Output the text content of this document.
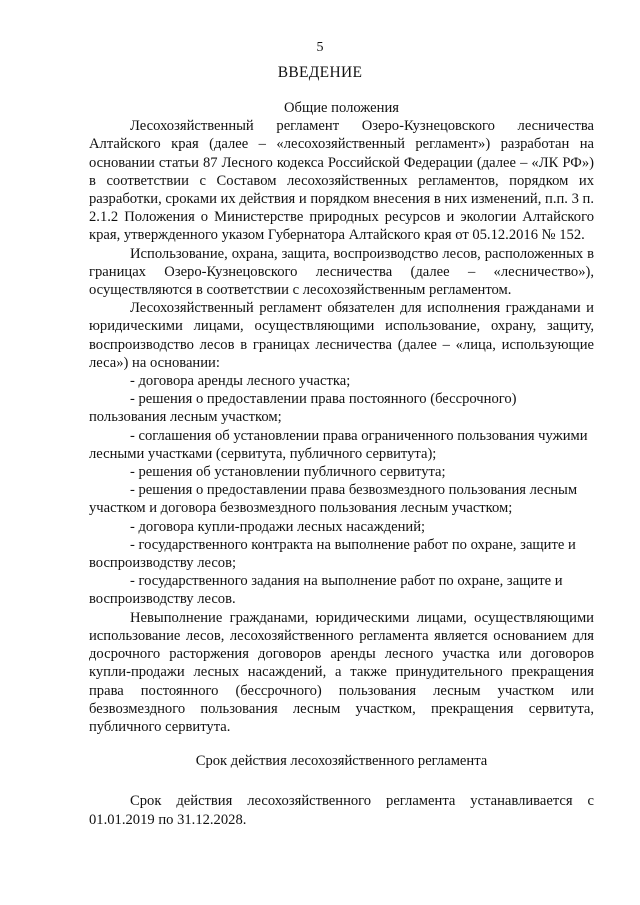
5
ВВЕДЕНИЕ
Общие положения

Лесохозяйственный регламент Озеро-Кузнецовского лесничества Алтайского края (далее – «лесохозяйственный регламент») разработан на основании статьи 87 Лесного кодекса Российской Федерации (далее – «ЛК РФ») в соответствии с Составом лесохозяйственных регламентов, порядком их разработки, сроками их действия и порядком внесения в них изменений, п.п. 3 п. 2.1.2 Положения о Министерстве природных ресурсов и экологии Алтайского края, утвержденного указом Губернатора Алтайского края от 05.12.2016 № 152.

Использование, охрана, защита, воспроизводство лесов, расположенных в границах Озеро-Кузнецовского лесничества (далее – «лесничество»), осуществляются в соответствии с лесохозяйственным регламентом.

Лесохозяйственный регламент обязателен для исполнения гражданами и юридическими лицами, осуществляющими использование, охрану, защиту, воспроизводство лесов в границах лесничества (далее – «лица, использующие леса») на основании:

- договора аренды лесного участка;

- решения о предоставлении права постоянного (бессрочного) пользования лесным участком;

- соглашения об установлении права ограниченного пользования чужими лесными участками (сервитута, публичного сервитута);

- решения об установлении публичного сервитута;

- решения о предоставлении права безвозмездного пользования лесным участком и договора безвозмездного пользования лесным участком;

- договора купли-продажи лесных насаждений;

- государственного контракта на выполнение работ по охране, защите и воспроизводству лесов;

- государственного задания на выполнение работ по охране, защите и воспроизводству лесов.

Невыполнение гражданами, юридическими лицами, осуществляющими использование лесов, лесохозяйственного регламента является основанием для досрочного расторжения договоров аренды лесного участка или договоров купли-продажи лесных насаждений, а также принудительного прекращения права постоянного (бессрочного) пользования лесным участком или безвозмездного пользования лесным участком, прекращения сервитута, публичного сервитута.

Срок действия лесохозяйственного регламента

Срок действия лесохозяйственного регламента устанавливается с 01.01.2019 по 31.12.2028.
